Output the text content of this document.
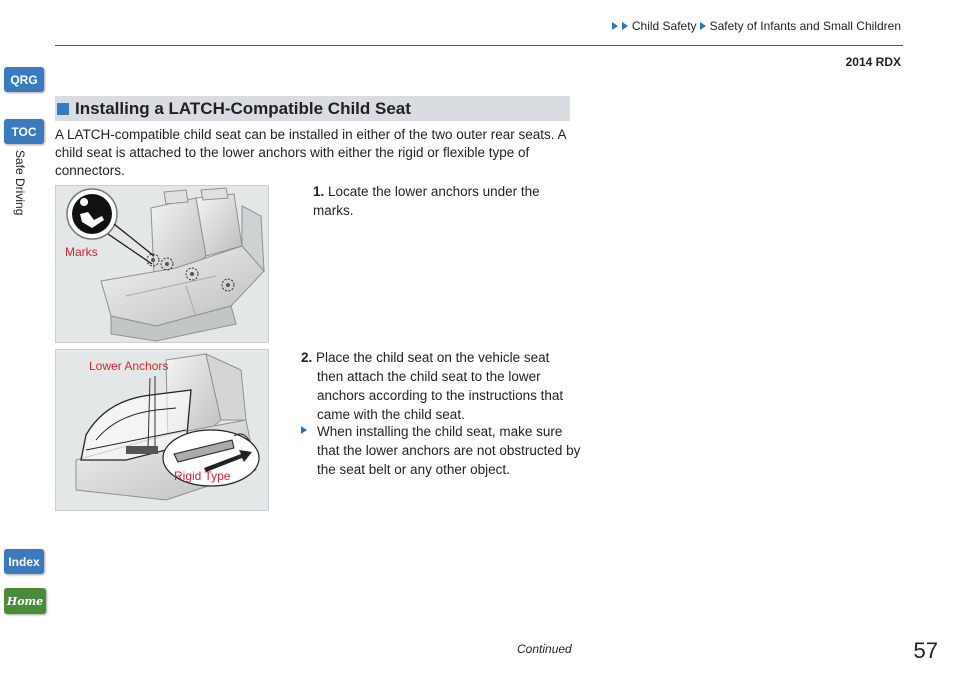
Child Safety Safety of Infants and Small Children
2014 RDX
QRG
TOC
Safe Driving
Index
Home
Installing a LATCH-Compatible Child Seat
A LATCH-compatible child seat can be installed in either of the two outer rear seats. A child seat is attached to the lower anchors with either the rigid or flexible type of connectors.
Marks
Lower Anchors
Rigid Type
1. Locate the lower anchors under the marks.
2. Place the child seat on the vehicle seat then attach the child seat to the lower anchors according to the instructions that came with the child seat.
When installing the child seat, make sure that the lower anchors are not obstructed by the seat belt or any other object.
Continued	57
